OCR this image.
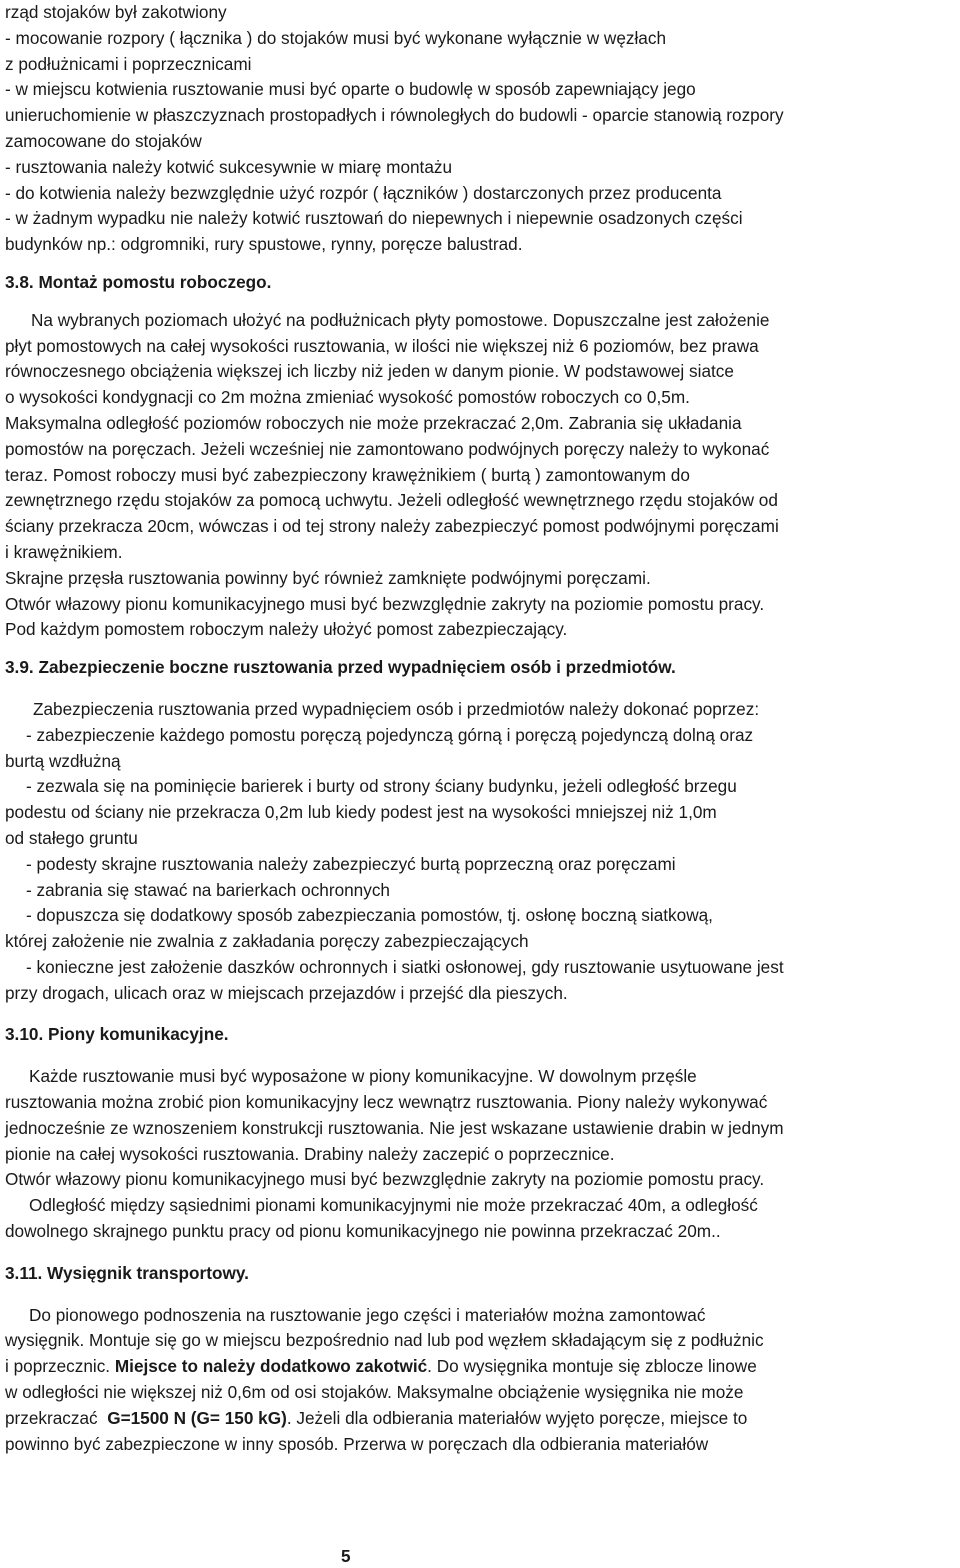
rząd stojaków był zakotwiony
- mocowanie rozpory ( łącznika ) do stojaków musi być wykonane wyłącznie w węzłach
z podłużnicami i poprzecznicami
- w miejscu kotwienia rusztowanie musi być oparte o budowlę w sposób zapewniający jego
unieruchomienie w płaszczyznach prostopadłych i równoległych do budowli - oparcie stanowią rozpory
zamocowane do stojaków
- rusztowania należy kotwić sukcesywnie w miarę montażu
- do kotwienia należy bezwzględnie użyć rozpór ( łączników ) dostarczonych przez producenta
- w żadnym wypadku nie należy kotwić rusztowań do niepewnych i niepewnie osadzonych części
budynków np.: odgromniki, rury spustowe, rynny, poręcze balustrad.
3.8. Montaż pomostu roboczego.
Na wybranych poziomach ułożyć na podłużnicach płyty pomostowe. Dopuszczalne jest założenie
płyt pomostowych na całej wysokości rusztowania, w ilości nie większej niż 6 poziomów, bez prawa
równoczesnego obciążenia większej ich liczby niż jeden w danym pionie. W podstawowej siatce
o wysokości kondygnacji co 2m można zmieniać wysokość pomostów roboczych co 0,5m.
Maksymalna odległość poziomów roboczych nie może przekraczać 2,0m. Zabrania się układania
pomostów na poręczach. Jeżeli wcześniej nie zamontowano podwójnych poręczy należy to wykonać
teraz. Pomost roboczy musi być zabezpieczony krawężnikiem ( burtą ) zamontowanym do
zewnętrznego rzędu stojaków za pomocą uchwytu. Jeżeli odległość wewnętrznego rzędu stojaków od
ściany przekracza 20cm, wówczas i od tej strony należy zabezpieczyć pomost podwójnymi poręczami
i krawężnikiem.
Skrajne przęsła rusztowania powinny być również zamknięte podwójnymi poręczami.
Otwór włazowy pionu komunikacyjnego musi być bezwzględnie zakryty na poziomie pomostu pracy.
Pod każdym pomostem roboczym należy ułożyć pomost zabezpieczający.
3.9. Zabezpieczenie boczne rusztowania przed wypadnięciem osób i przedmiotów.
Zabezpieczenia rusztowania przed wypadnięciem osób i przedmiotów należy dokonać poprzez:
- zabezpieczenie każdego pomostu poręczą pojedynczą górną i poręczą pojedynczą dolną oraz
burtą wzdłużną
- zezwala się na pominięcie barierek i burty od strony ściany budynku, jeżeli odległość brzegu
podestu od ściany nie przekracza 0,2m lub kiedy podest jest na wysokości mniejszej niż 1,0m
od stałego gruntu
- podesty skrajne rusztowania należy zabezpieczyć burtą poprzeczną oraz poręczami
- zabrania się stawać na barierkach ochronnych
- dopuszcza się dodatkowy sposób zabezpieczania pomostów, tj. osłonę boczną siatkową,
której założenie nie zwalnia z zakładania poręczy zabezpieczających
- konieczne jest założenie daszków ochronnych i siatki osłonowej, gdy rusztowanie usytuowane jest
przy drogach, ulicach oraz w miejscach przejazdów i przejść dla pieszych.
3.10. Piony komunikacyjne.
Każde rusztowanie musi być wyposażone w piony komunikacyjne. W dowolnym przęśle
rusztowania można zrobić pion komunikacyjny lecz wewnątrz rusztowania. Piony należy wykonywać
jednocześnie ze wznoszeniem konstrukcji rusztowania. Nie jest wskazane ustawienie drabin w jednym
pionie na całej wysokości rusztowania. Drabiny należy zaczepić o poprzecznice.
Otwór włazowy pionu komunikacyjnego musi być bezwzględnie zakryty na poziomie pomostu pracy.
Odległość między sąsiednimi pionami komunikacyjnymi nie może przekraczać 40m, a odległość
dowolnego skrajnego punktu pracy od pionu komunikacyjnego nie powinna przekraczać 20m..
3.11. Wysięgnik transportowy.
Do pionowego podnoszenia na rusztowanie jego części i materiałów można zamontować
wysięgnik. Montuje się go w miejscu bezpośrednio nad lub pod węzłem składającym się z podłużnic
i poprzecznic. Miejsce to należy dodatkowo zakotwić. Do wysięgnika montuje się zblocze linowe
w odległości nie większej niż 0,6m od osi stojaków. Maksymalne obciążenie wysięgnika nie może
przekraczać  G=1500 N (G= 150 kG). Jeżeli dla odbierania materiałów wyjęto poręcze, miejsce to
powinno być zabezpieczone w inny sposób. Przerwa w poręczach dla odbierania materiałów
5
